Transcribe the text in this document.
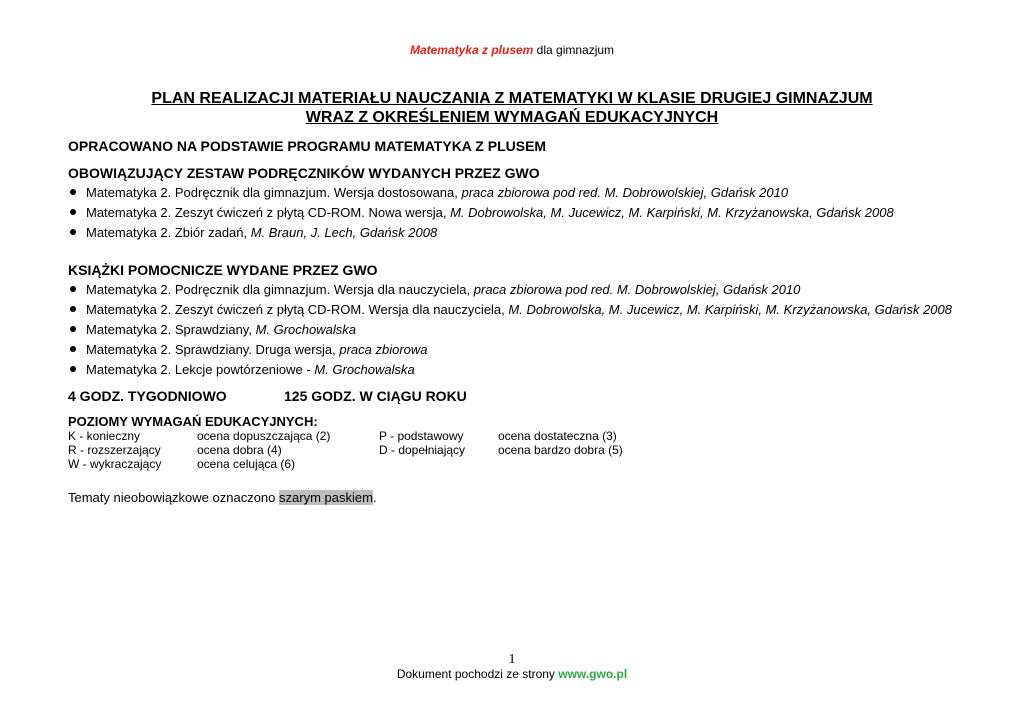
Matematyka z plusem dla gimnazjum
PLAN REALIZACJI MATERIAŁU NAUCZANIA Z MATEMATYKI W KLASIE DRUGIEJ GIMNAZJUM
WRAZ Z OKREŚLENIEM WYMAGAŃ EDUKACYJNYCH

OPRACOWANO NA PODSTAWIE PROGRAMU MATEMATYKA Z PLUSEM

OBOWIĄZUJĄCY ZESTAW PODRĘCZNIKÓW WYDANYCH PRZEZ GWO

Matematyka 2. Podręcznik dla gimnazjum. Wersja dostosowana, praca zbiorowa pod red. M. Dobrowolskiej, Gdańsk 2010
Matematyka 2. Zeszyt ćwiczeń z płytą CD-ROM. Nowa wersja, M. Dobrowolska, M. Jucewicz, M. Karpiński, M. Krzyżanowska, Gdańsk 2008
Matematyka 2. Zbiór zadań, M. Braun, J. Lech, Gdańsk 2008

KSIĄŻKI POMOCNICZE WYDANE PRZEZ GWO

Matematyka 2. Podręcznik dla gimnazjum. Wersja dla nauczyciela, praca zbiorowa pod red. M. Dobrowolskiej, Gdańsk 2010
Matematyka 2. Zeszyt ćwiczeń z płytą CD-ROM. Wersja dla nauczyciela, M. Dobrowolska, M. Jucewicz, M. Karpiński, M. Krzyżanowska, Gdańsk 2008
Matematyka 2. Sprawdziany, M. Grochowalska
Matematyka 2. Sprawdziany. Druga wersja, praca zbiorowa
Matematyka 2. Lekcje powtórzeniowe - M. Grochowalska
4 GODZ. TYGODNIOWO	125 GODZ. W CIĄGU ROKU
POZIOMY WYMAGAŃ EDUKACYJNYCH:
K - konieczny	ocena dopuszczająca (2)	P - podstawowy	ocena dostateczna (3)
R - rozszerzający	ocena dobra (4)	D - dopełniający	ocena bardzo dobra (5)
W - wykraczający	ocena celująca (6)
Tematy nieobowiązkowe oznaczono szarym paskiem.
1
Dokument pochodzi ze strony www.gwo.pl
